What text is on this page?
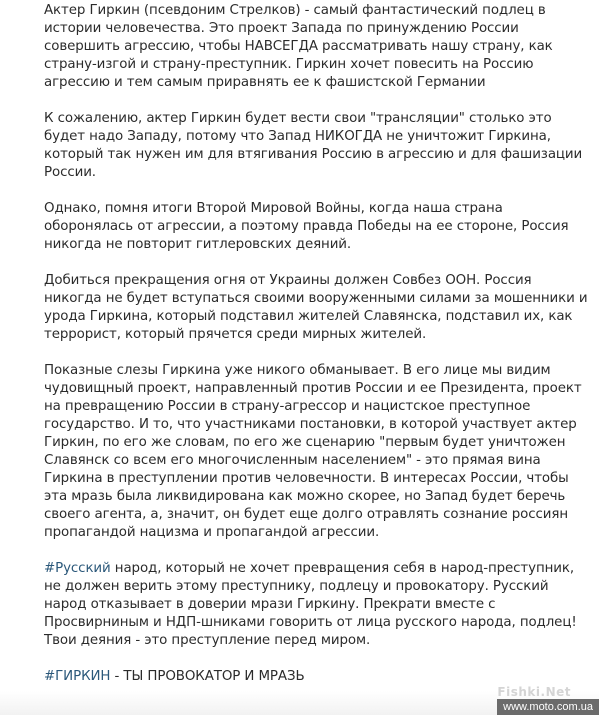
Актер Гиркин (псевдоним Стрелков) - самый фантастический подлец в истории человечества. Это проект Запада по принуждению России совершить агрессию, чтобы НАВСЕГДА рассматривать нашу страну, как страну-изгой и страну-преступник. Гиркин хочет повесить на Россию агрессию и тем самым приравнять ее к фашистской Германии

К сожалению, актер Гиркин будет вести свои "трансляции" столько это будет надо Западу, потому что Запад НИКОГДА не уничтожит Гиркина, который так нужен им для втягивания Россию в агрессию и для фашизации России.

Однако, помня итоги Второй Мировой Войны, когда наша страна оборонялась от агрессии, а поэтому правда Победы на ее стороне, Россия никогда не повторит гитлеровских деяний.

Добиться прекращения огня от Украины должен Совбез ООН. Россия никогда не будет вступаться своими вооруженными силами за мошенники и урода Гиркина, который подставил жителей Славянска, подставил их, как террорист, который прячется среди мирных жителей.

Показные слезы Гиркина уже никого обманывает. В его лице мы видим чудовищный проект, направленный против России и ее Президента, проект на превращению России в страну-агрессор и нацистское преступное государство. И то, что участниками постановки, в которой участвует актер Гиркин, по его же словам, по его же сценарию "первым будет уничтожен Славянск со всем его многочисленным населением" - это прямая вина Гиркина в преступлении против человечности. В интересах России, чтобы эта мразь была ликвидирована как можно скорее, но Запад будет беречь своего агента, а, значит, он будет еще долго отравлять сознание россиян пропагандой нацизма и пропагандой агрессии.

#Русский народ, который не хочет превращения себя в народ-преступник, не должен верить этому преступнику, подлецу и провокатору. Русский народ отказывает в доверии мрази Гиркину. Прекрати вместе с Просвирниным и НДП-шниками говорить от лица русского народа, подлец! Твои деяния - это преступление перед миром.

#ГИРКИН - ТЫ ПРОВОКАТОР И МРАЗЬ

Fishki.Net
www.moto.com.ua
